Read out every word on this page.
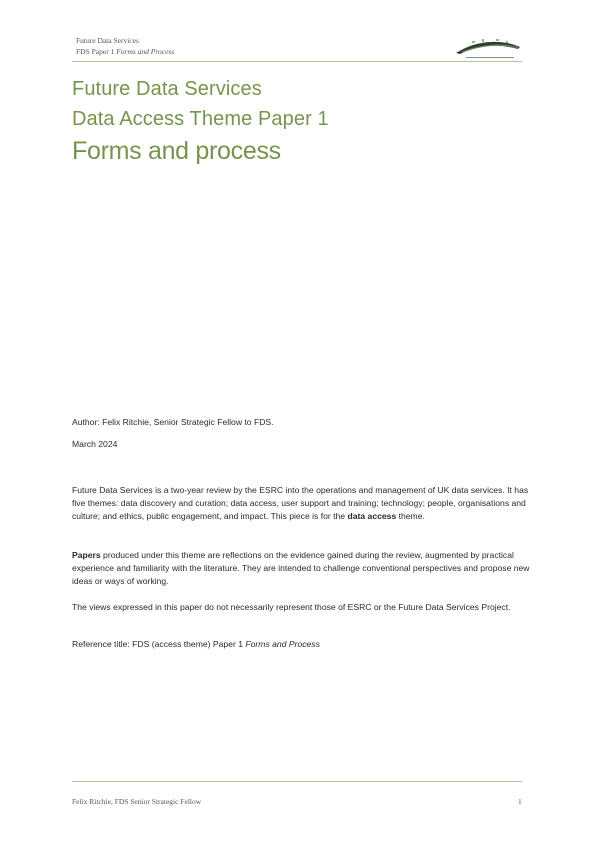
Future Data Services
FDS Paper 1 Forms and Process
Future Data Services
Data Access Theme Paper 1
Forms and process
Author: Felix Ritchie, Senior Strategic Fellow to FDS.
March 2024
Future Data Services is a two-year review by the ESRC into the operations and management of UK data services. It has five themes: data discovery and curation; data access, user support and training; technology; people, organisations and culture; and ethics, public engagement, and impact. This piece is for the data access theme.
Papers produced under this theme are reflections on the evidence gained during the review, augmented by practical experience and familiarity with the literature. They are intended to challenge conventional perspectives and propose new ideas or ways of working.
The views expressed in this paper do not necessarily represent those of ESRC or the Future Data Services Project.
Reference title: FDS (access theme) Paper 1 Forms and Process
Felix Ritchie, FDS Senior Strategic Fellow	1
